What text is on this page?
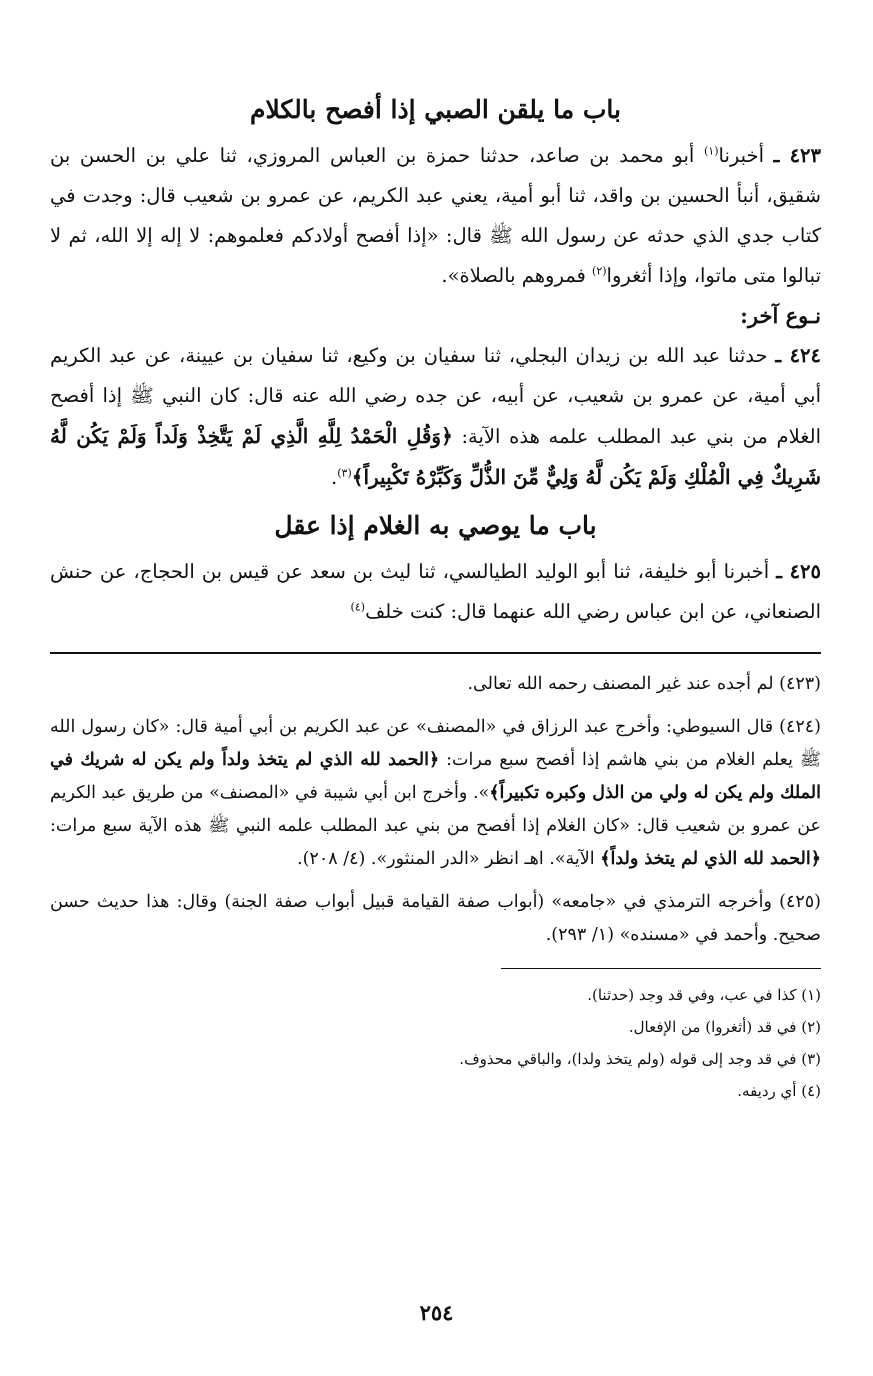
باب ما يلقن الصبي إذا أفصح بالكلام

٤٢٣ ـ أخبرنا$^{(١)}$ أبو محمد بن صاعد، حدثنا حمزة بن العباس المروزي، ثنا علي بن الحسن بن شقيق، أنبأ الحسين بن واقد، ثنا أبو أمية، يعني عبد الكريم، عن عمرو بن شعيب قال: وجدت في كتاب جدي الذي حدثه عن رسول الله ﷺ قال: «إذا أفصح أولادكم فعلموهم: لا إله إلا الله، ثم لا تبالوا متى ماتوا، وإذا أثغروا$^{(٢)}$ فمروهم بالصلاة».

نـوع آخر:

٤٢٤ ـ حدثنا عبد الله بن زيدان البجلي، ثنا سفيان بن وكيع، ثنا سفيان بن عيينة، عن عبد الكريم أبي أمية، عن عمرو بن شعيب، عن أبيه، عن جده رضي الله عنه قال: كان النبي ﷺ إذا أفصح الغلام من بني عبد المطلب علمه هذه الآية: ﴿وَقُلِ الْحَمْدُ لِلَّهِ الَّذِي لَمْ يَتَّخِذْ وَلَداً وَلَمْ يَكُن لَّهُ شَرِيكٌ فِي الْمُلْكِ وَلَمْ يَكُن لَّهُ وَلِيٌّ مِّنَ الذُّلِّ وَكَبِّرْهُ تَكْبِيراً﴾$^{(٣)}$.

باب ما يوصي به الغلام إذا عقل

٤٢٥ ـ أخبرنا أبو خليفة، ثنا أبو الوليد الطيالسي، ثنا ليث بن سعد عن قيس بن الحجاج، عن حنش الصنعاني، عن ابن عباس رضي الله عنهما قال: كنت خلف$^{(٤)}$

(٤٢٣) لم أجده عند غير المصنف رحمه الله تعالى.

(٤٢٤) قال السيوطي: وأخرج عبد الرزاق في «المصنف» عن عبد الكريم بن أبي أمية قال: «كان رسول الله ﷺ يعلم الغلام من بني هاشم إذا أفصح سبع مرات: ﴿الحمد لله الذي لم يتخذ ولداً ولم يكن له شريك في الملك ولم يكن له ولي من الذل وكبره تكبيراً﴾». وأخرج ابن أبي شيبة في «المصنف» من طريق عبد الكريم عن عمرو بن شعيب قال: «كان الغلام إذا أفصح من بني عبد المطلب علمه النبي ﷺ هذه الآية سبع مرات: ﴿الحمد لله الذي لم يتخذ ولداً﴾ الآية». اهـ انظر «الدر المنثور». (٤/ ٢٠٨).

(٤٢٥) وأخرجه الترمذي في «جامعه» (أبواب صفة القيامة قبيل أبواب صفة الجنة) وقال: هذا حديث حسن صحيح. وأحمد في «مسنده» (١/ ٢٩٣).

(١) كذا في عب، وفي قد وجد (حدثنا).

(٢) في قد (أثغروا) من الإفعال.

(٣) في قد وجد إلى قوله (ولم يتخذ ولدا)، والباقي محذوف.

(٤) أي رديفه.

٢٥٤
